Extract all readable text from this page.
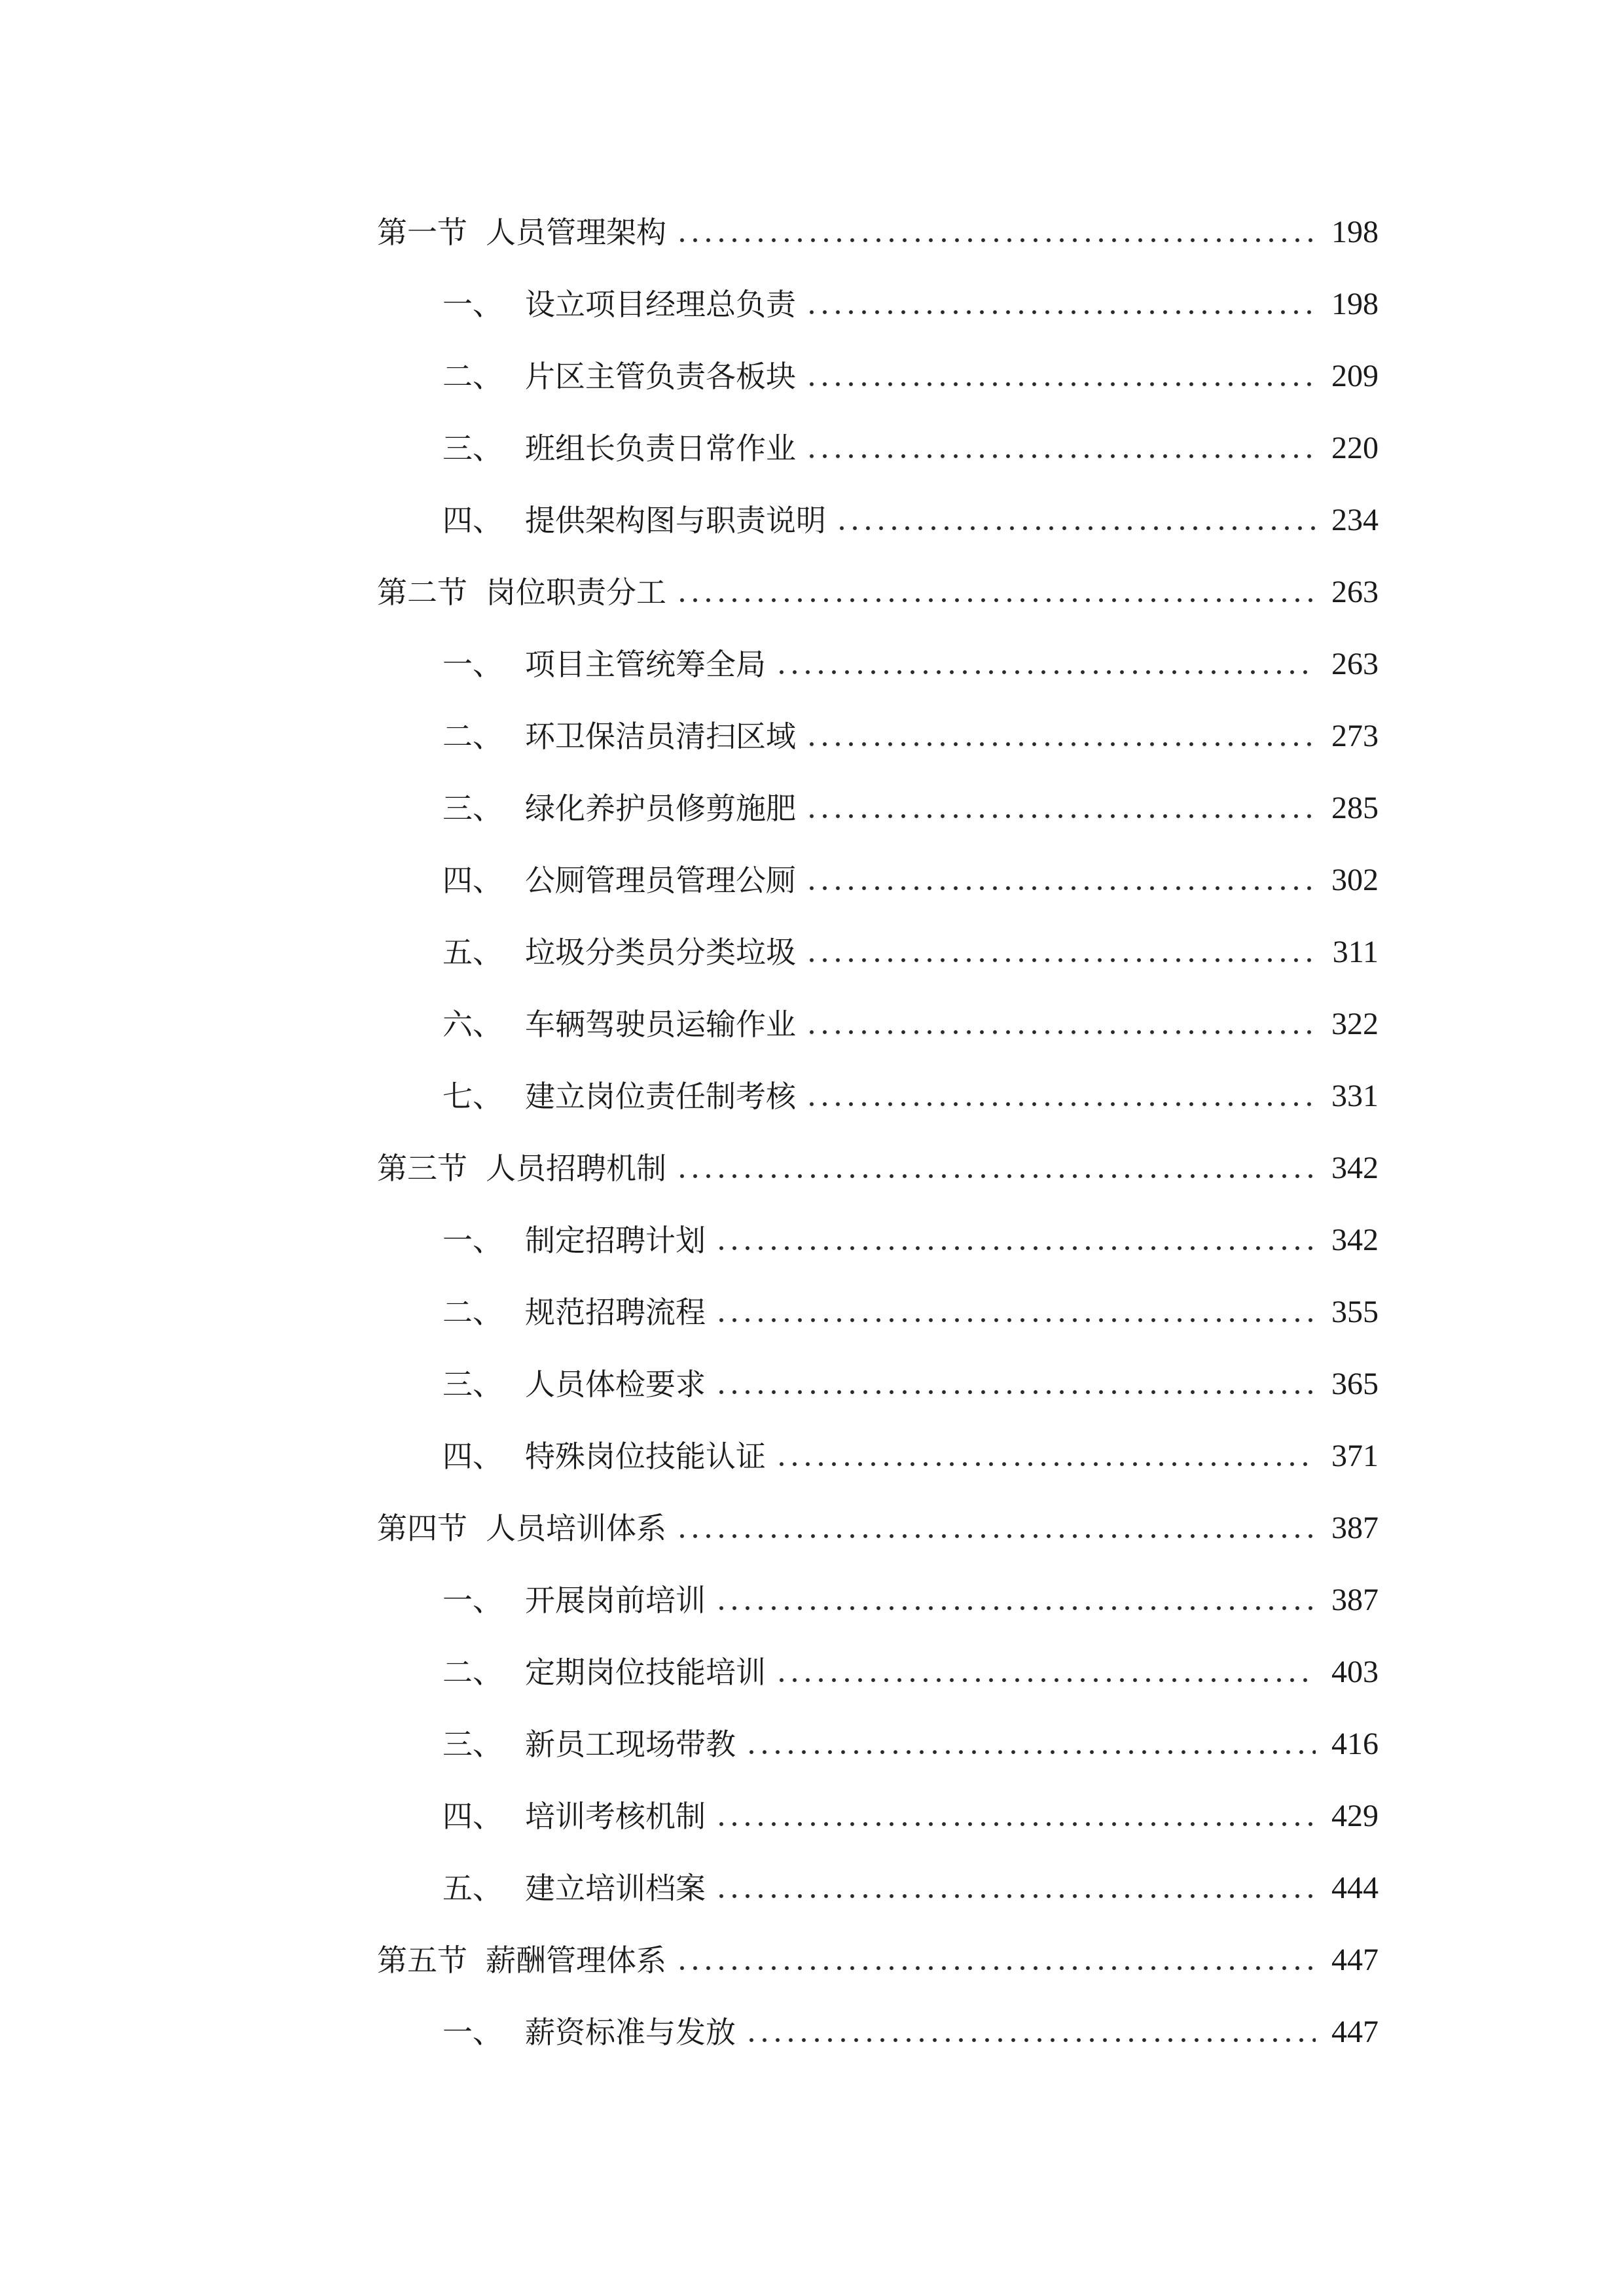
第一节 人员管理架构	198
一、 设立项目经理总负责	198
二、 片区主管负责各板块	209
三、 班组长负责日常作业	220
四、 提供架构图与职责说明	234
第二节 岗位职责分工	263
一、 项目主管统筹全局	263
二、 环卫保洁员清扫区域	273
三、 绿化养护员修剪施肥	285
四、 公厕管理员管理公厕	302
五、 垃圾分类员分类垃圾	311
六、 车辆驾驶员运输作业	322
七、 建立岗位责任制考核	331
第三节 人员招聘机制	342
一、 制定招聘计划	342
二、 规范招聘流程	355
三、 人员体检要求	365
四、 特殊岗位技能认证	371
第四节 人员培训体系	387
一、 开展岗前培训	387
二、 定期岗位技能培训	403
三、 新员工现场带教	416
四、 培训考核机制	429
五、 建立培训档案	444
第五节 薪酬管理体系	447
一、 薪资标准与发放	447
